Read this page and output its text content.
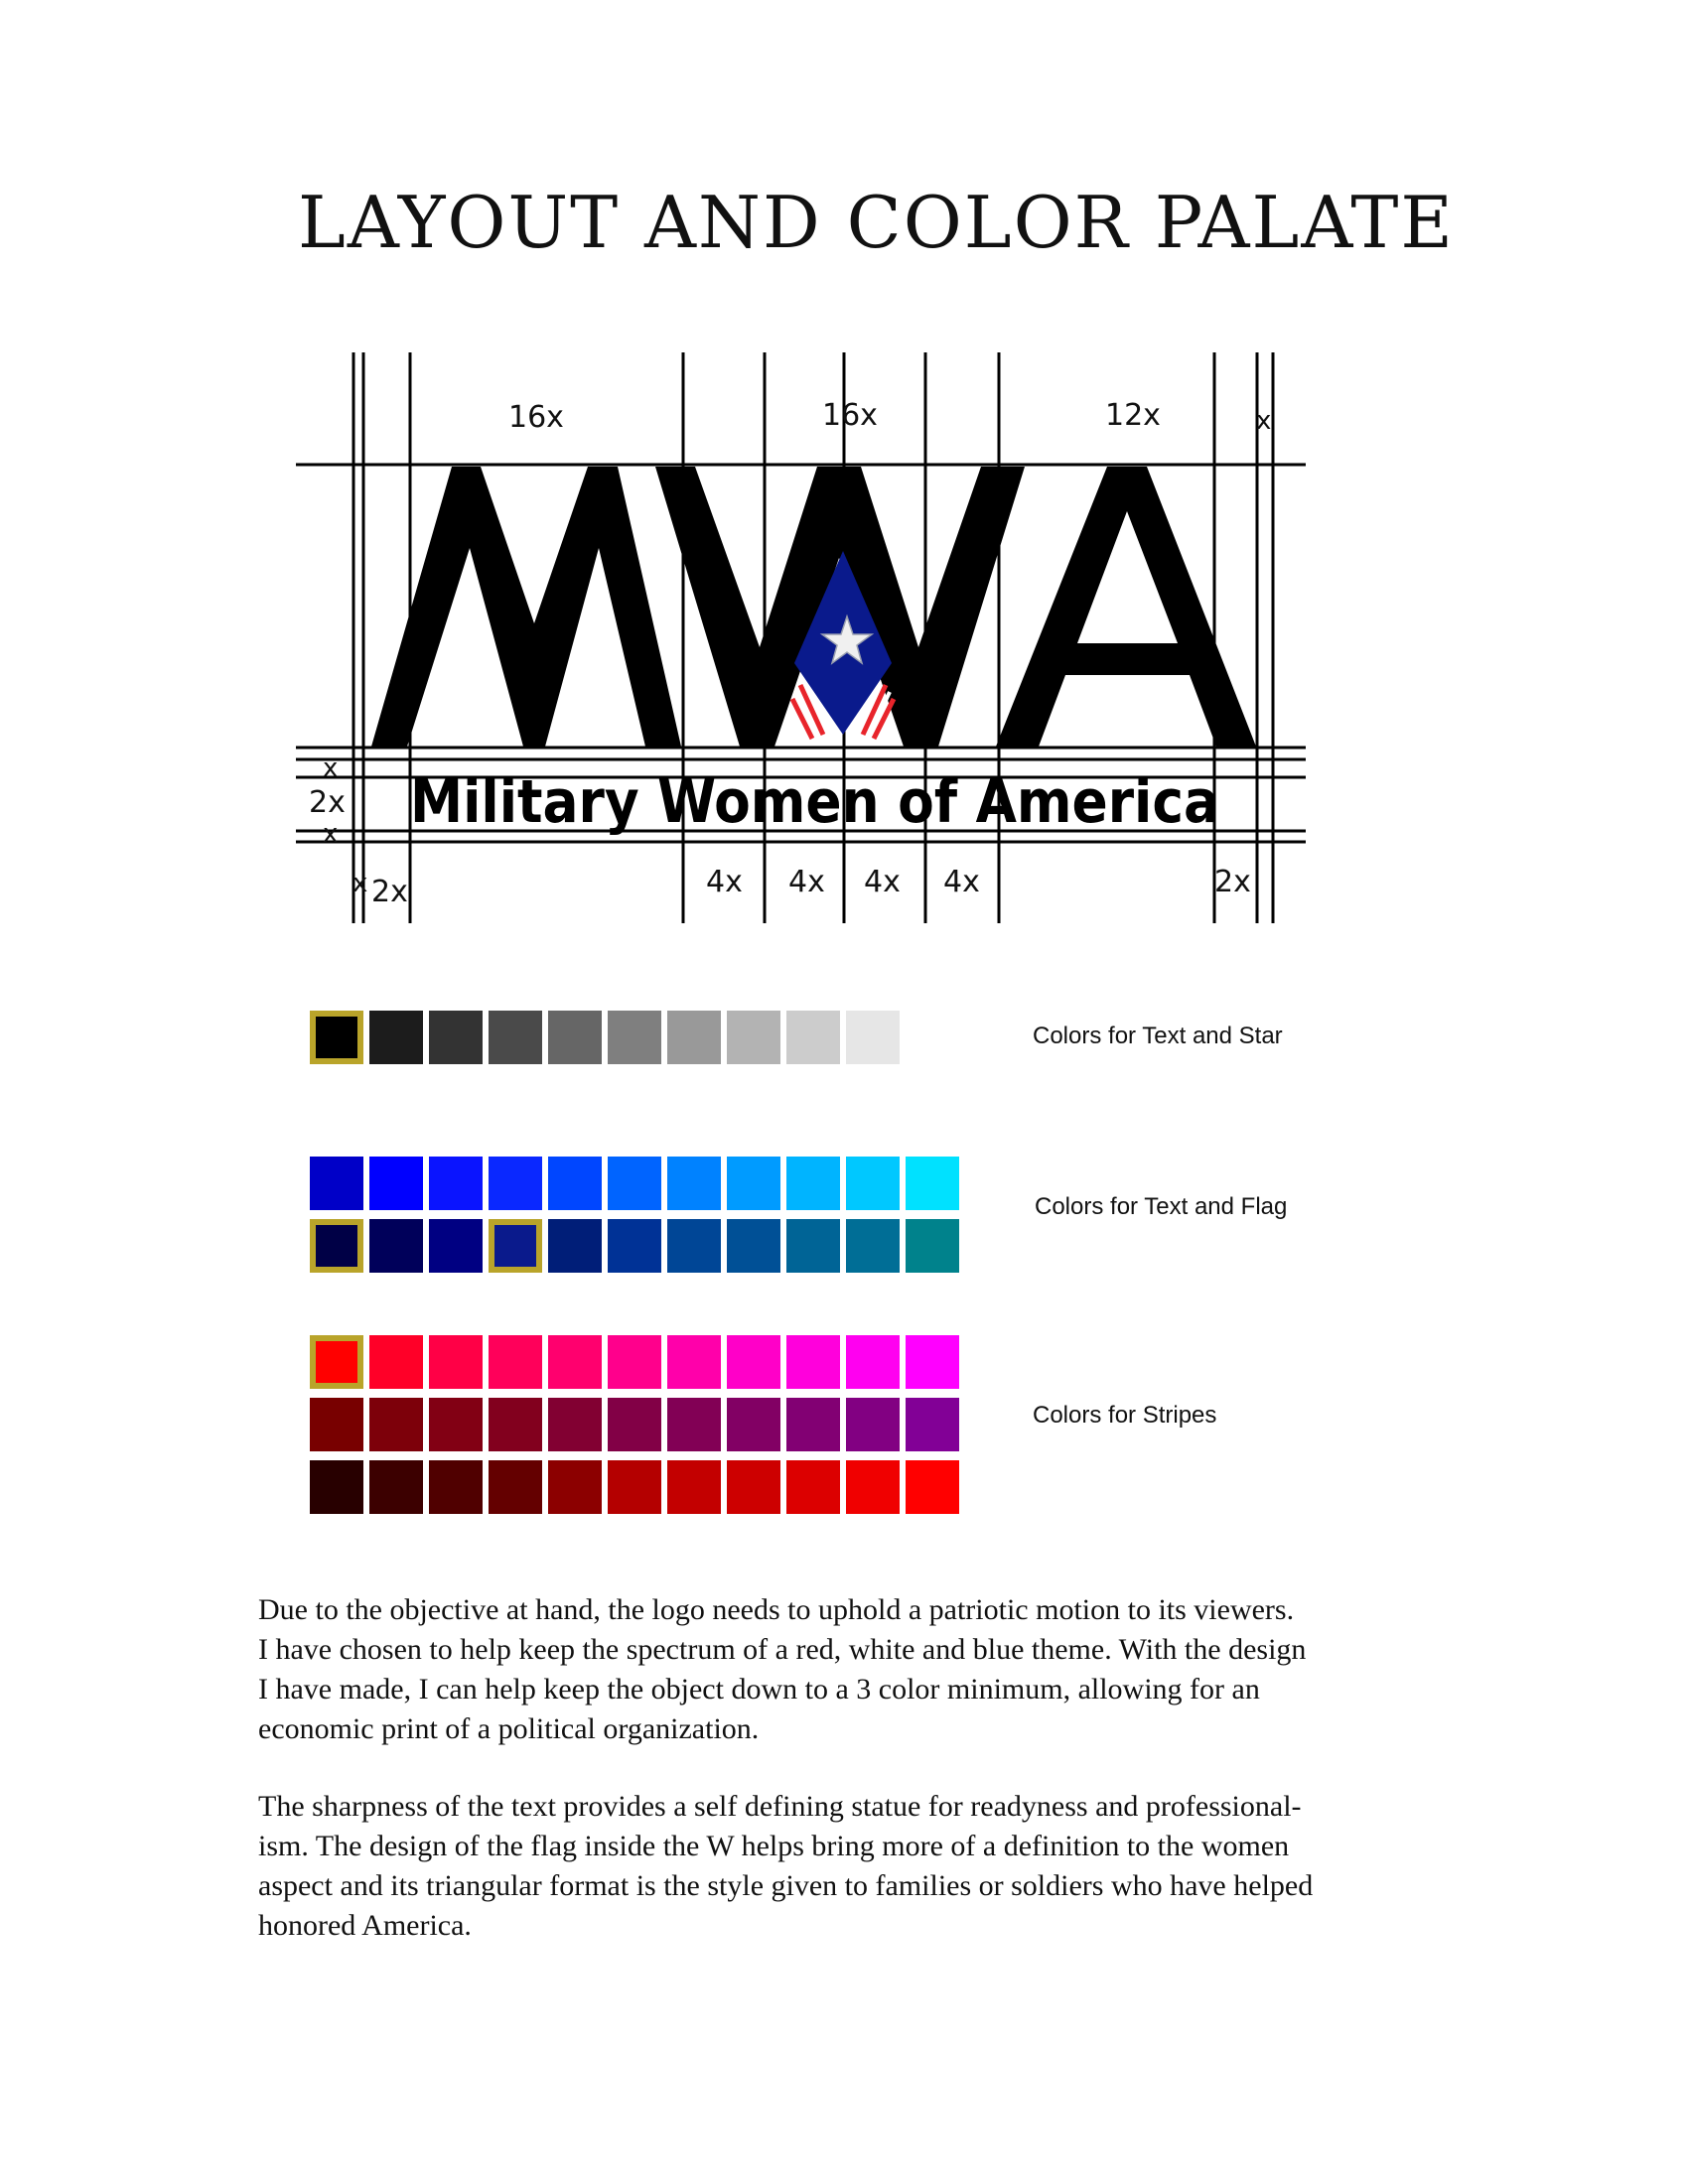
LAYOUT AND COLOR PALATE
Military Women of America
16x	16x	12x	x
x
2x
x
x 2x	4x 4x 4x 4x	2x

Colors for Text and Star

Colors for Text and Flag

Colors for Stripes

Due to the objective at hand, the logo needs to uphold a patriotic motion to its viewers.
I have chosen to help keep the spectrum of a red, white and blue theme. With the design
I have made, I can help keep the object down to a 3 color minimum, allowing for an
economic print of a political organization.

The sharpness of the text provides a self defining statue for readyness and professional-
ism. The design of the flag inside the W helps bring more of a definition to the women
aspect and its triangular format is the style given to families or soldiers who have helped
honored America.
